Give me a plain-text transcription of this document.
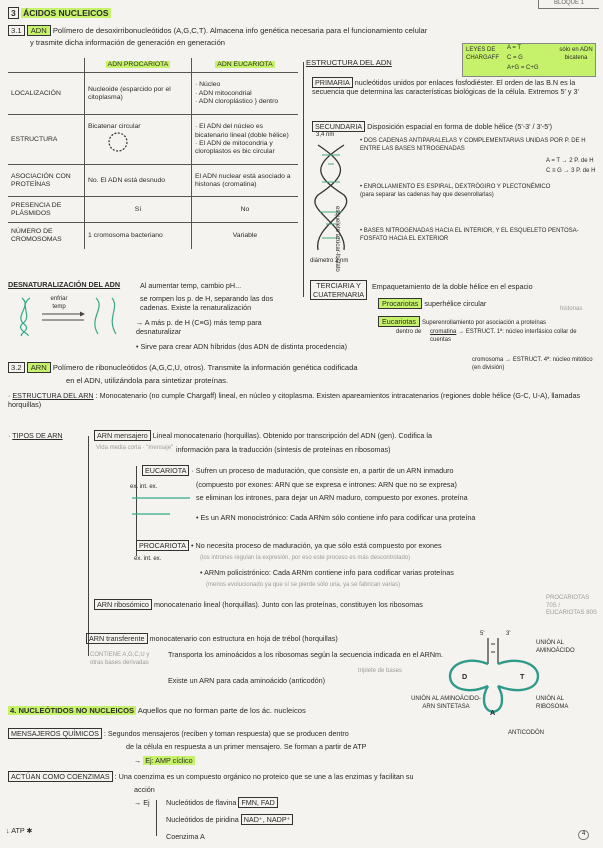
BLOQUE 1
3 ÁCIDOS NUCLEICOS
3.1 ADN Polímero de desoxirribonucleótidos (A,G,C,T). Almacena info genética necesaria para el funcionamiento celular
y trasmite dicha información de generación en generación
LEYES DE CHARGAFF
A = T
C = G
A+G = C+G
sólo en ADN bicatena
	ADN PROCARIOTA	ADN EUCARIOTA
LOCALIZACIÓN	Nucleoide (esparcido por el citoplasma)	· Núcleo
· ADN mitocondrial
· ADN cloroplástico } dentro
ESTRUCTURA	Bicatenar circular	· El ADN del núcleo es bicatenario lineal (doble hélice)
· El ADN de mitocondria y cloroplastos es bic circular
ASOCIACIÓN CON PROTEÍNAS	No. El ADN está desnudo	El ADN nuclear está asociado a histonas (cromatina)
PRESENCIA DE PLÁSMIDOS	Sí	No
NÚMERO DE CROMOSOMAS	1 cromosoma bacteriano	Variable
ESTRUCTURA DEL ADN
PRIMARIA nucleótidos unidos por enlaces fosfodiéster. El orden de las B.N es la secuencia que determina las características biológicas de la célula. Extremos 5' y 3'
SECUNDARIA Disposición espacial en forma de doble hélice (5'-3' / 3'-5')
diámetro 2 nm
3,4 nm
esqueleto azúcar-fosfato
• DOS CADENAS ANTIPARALELAS Y COMPLEMENTARIAS UNIDAS POR P. DE H ENTRE LAS BASES NITROGENADAS
A = T → 2 P. de H
C ≡ G → 3 P. de H
• ENROLLAMIENTO ES ESPIRAL, DEXTRÓGIRO Y PLECTONÉMICO (para separar las cadenas hay que desenrollarlas)
• BASES NITROGENADAS HACIA EL INTERIOR, Y EL ESQUELETO PENTOSA-FOSFATO HACIA EL EXTERIOR
TERCIARIA Y CUATERNARIA
Empaquetamiento de la doble hélice en el espacio
Procariotas superhélice circular
Eucariotas Superenrollamiento por asociación a proteínas
histonas
dentro de cromatina → ESTRUCT. 1ª: núcleo interfásico collar de cuentas
cromosoma → ESTRUCT. 4ª: núcleo mitótico (en división)
DESNATURALIZACIÓN DEL ADN	Al aumentar temp, cambio pH...
se rompen los p. de H, separando las dos cadenas. Existe la renaturalización
→ A más p. de H (C≡G) más temp para desnaturalizar
• Sirve para crear ADN híbridos (dos ADN de distinta procedencia)
enfriar temp
3.2 ARN Polímero de ribonucleótidos (A,G,C,U, otros). Transmite la información genética codificada
en el ADN, utilizándola para sintetizar proteínas.
· ESTRUCTURA DEL ARN : Monocatenario (no cumple Chargaff) lineal, en núcleo y citoplasma. Existen apareamientos intracatenarios (regiones doble hélice (G-C, U-A), llamadas horquillas)
· TIPOS DE ARN	ARN mensajero Lineal monocatenario (horquillas). Obtenido por transcripción del ADN (gen). Codifica la
información para la traducción (síntesis de proteínas en ribosomas)
Vida media corta · "mensaje"
EUCARIOTA · Sufren un proceso de maduración, que consiste en, a partir de un ARN inmaduro
(compuesto por exones: ARN que se expresa e intrones: ARN que no se expresa)
se eliminan los intrones, para dejar un ARN maduro, compuesto por exones. proteína
ex. int. ex.
• Es un ARN monocistrónico: Cada ARNm sólo contiene info para codificar una proteína
PROCARIOTA • No necesita proceso de maduración, ya que sólo está compuesto por exones
(los intrones regulan la expresión, por eso este proceso es más descontrolado)
ex. int. ex.
• ARNm policistrónico: Cada ARNm contiene info para codificar varias proteínas
(menos evolucionado ya que sí se pierde sólo una, ya se fabrican varias)
ARN ribosómico monocatenario lineal (horquillas). Junto con las proteínas, constituyen los ribosomas
PROCARIOTAS 70S / EUCARIOTAS 80S
ARN transferente monocatenario con estructura en hoja de trébol (horquillas)
Transporta los aminoácidos a los ribosomas según la secuencia indicada en el ARNm.
Existe un ARN para cada aminoácido (anticodón)
CONTIENE A,G,C,U y otras bases derivadas
triplete de bases
5'	3'
D	T
A
UNIÓN AL AMINOÁCIDO
UNIÓN AL AMINOÁCIDO-ARN SINTETASA
UNIÓN AL RIBOSOMA
ANTICODÓN
4. NUCLEÓTIDOS NO NUCLEICOS Aquellos que no forman parte de los ác. nucleicos
MENSAJEROS QUÍMICOS : Segundos mensajeros (reciben y toman respuesta) que se producen dentro
de la célula en respuesta a un primer mensajero. Se forman a partir de ATP
→ Ej: AMP cíclico
ACTÚAN COMO COENZIMAS : Una coenzima es un compuesto orgánico no proteico que se une a las enzimas y facilitan su
acción
→ Ej Nucleótidos de flavina FMN, FAD
Nucleótidos de piridina NAD⁺, NADP⁺
Coenzima A
↓ ATP ✱	4
